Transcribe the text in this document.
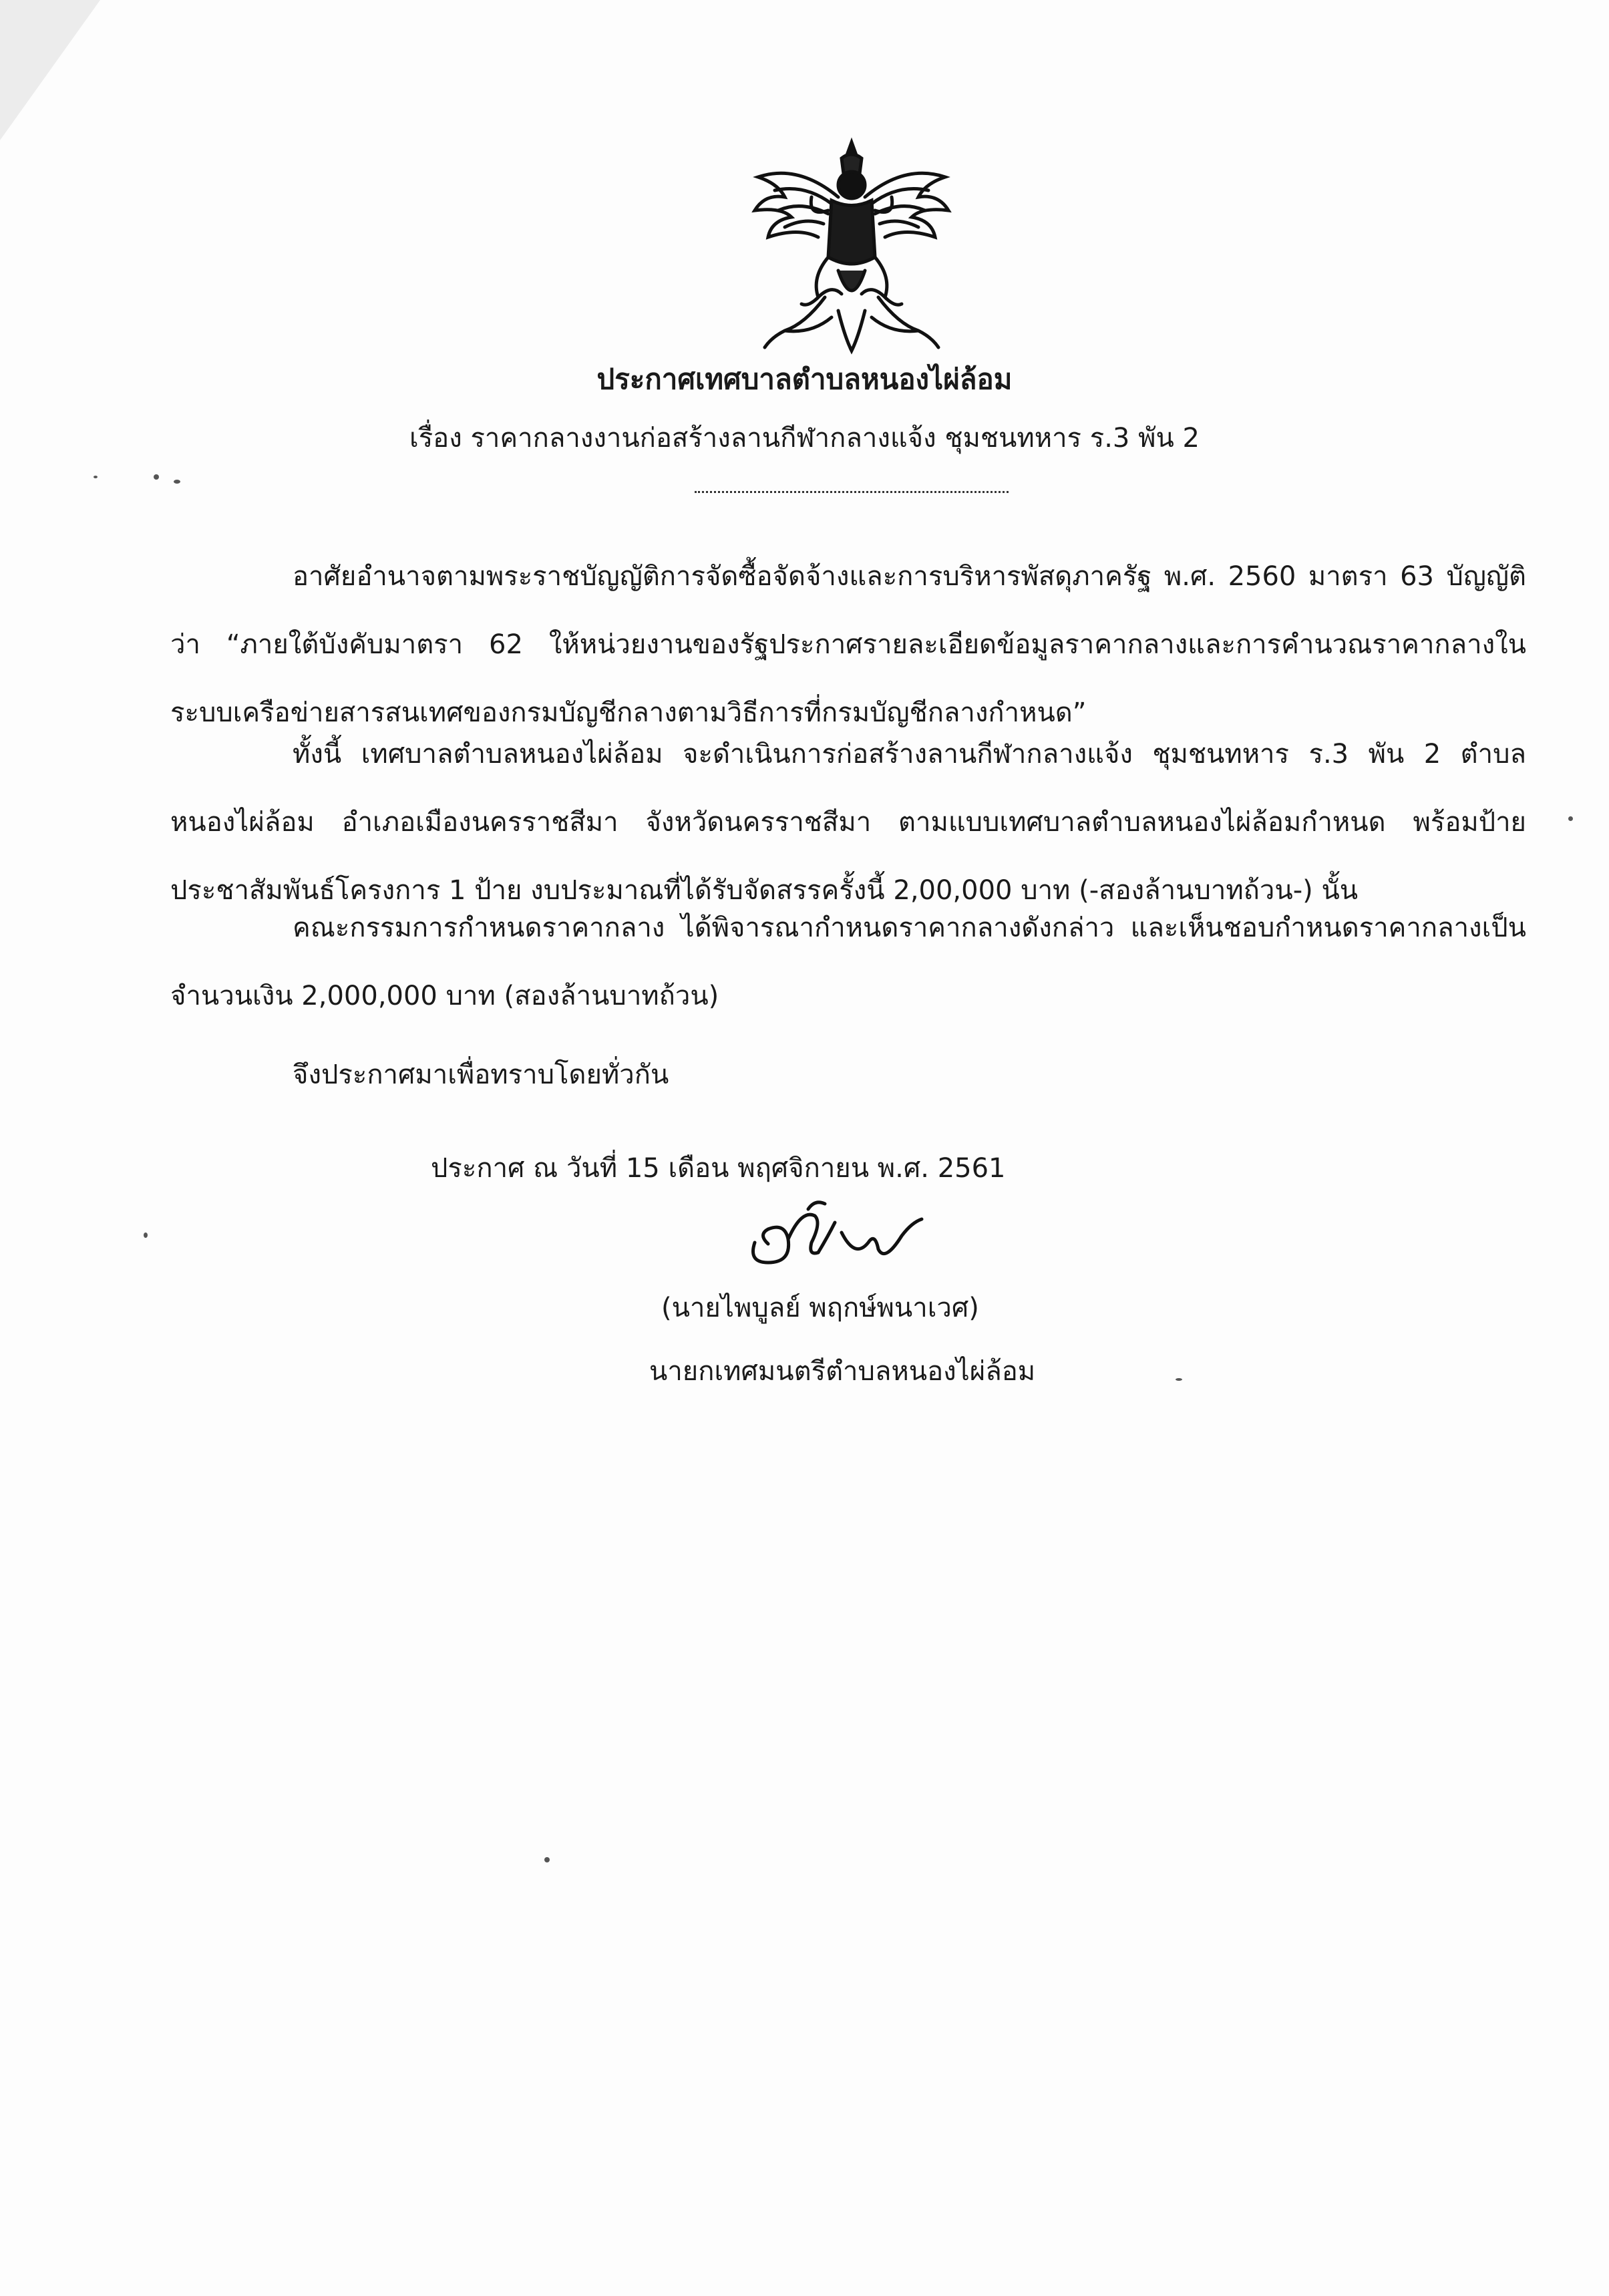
ประกาศเทศบาลตำบลหนองไผ่ล้อม
เรื่อง ราคากลางงานก่อสร้างลานกีฬากลางแจ้ง ชุมชนทหาร ร.3 พัน 2
อาศัยอำนาจตามพระราชบัญญัติการจัดซื้อจัดจ้างและการบริหารพัสดุภาครัฐ พ.ศ. 2560 มาตรา 63 บัญญัติว่า “ภายใต้บังคับมาตรา 62 ให้หน่วยงานของรัฐประกาศรายละเอียดข้อมูลราคากลางและการคำนวณราคากลางในระบบเครือข่ายสารสนเทศของกรมบัญชีกลางตามวิธีการที่กรมบัญชีกลางกำหนด”
ทั้งนี้ เทศบาลตำบลหนองไผ่ล้อม จะดำเนินการก่อสร้างลานกีฬากลางแจ้ง ชุมชนทหาร ร.3 พัน 2 ตำบลหนองไผ่ล้อม อำเภอเมืองนครราชสีมา จังหวัดนครราชสีมา ตามแบบเทศบาลตำบลหนองไผ่ล้อมกำหนด พร้อมป้ายประชาสัมพันธ์โครงการ 1 ป้าย งบประมาณที่ได้รับจัดสรรครั้งนี้ 2,00,000 บาท (-สองล้านบาทถ้วน-) นั้น
คณะกรรมการกำหนดราคากลาง ได้พิจารณากำหนดราคากลางดังกล่าว และเห็นชอบกำหนดราคากลางเป็นจำนวนเงิน 2,000,000 บาท (สองล้านบาทถ้วน)
จึงประกาศมาเพื่อทราบโดยทั่วกัน
ประกาศ ณ วันที่ 15 เดือน พฤศจิกายน พ.ศ. 2561
(นายไพบูลย์ พฤกษ์พนาเวศ)
นายกเทศมนตรีตำบลหนองไผ่ล้อม
